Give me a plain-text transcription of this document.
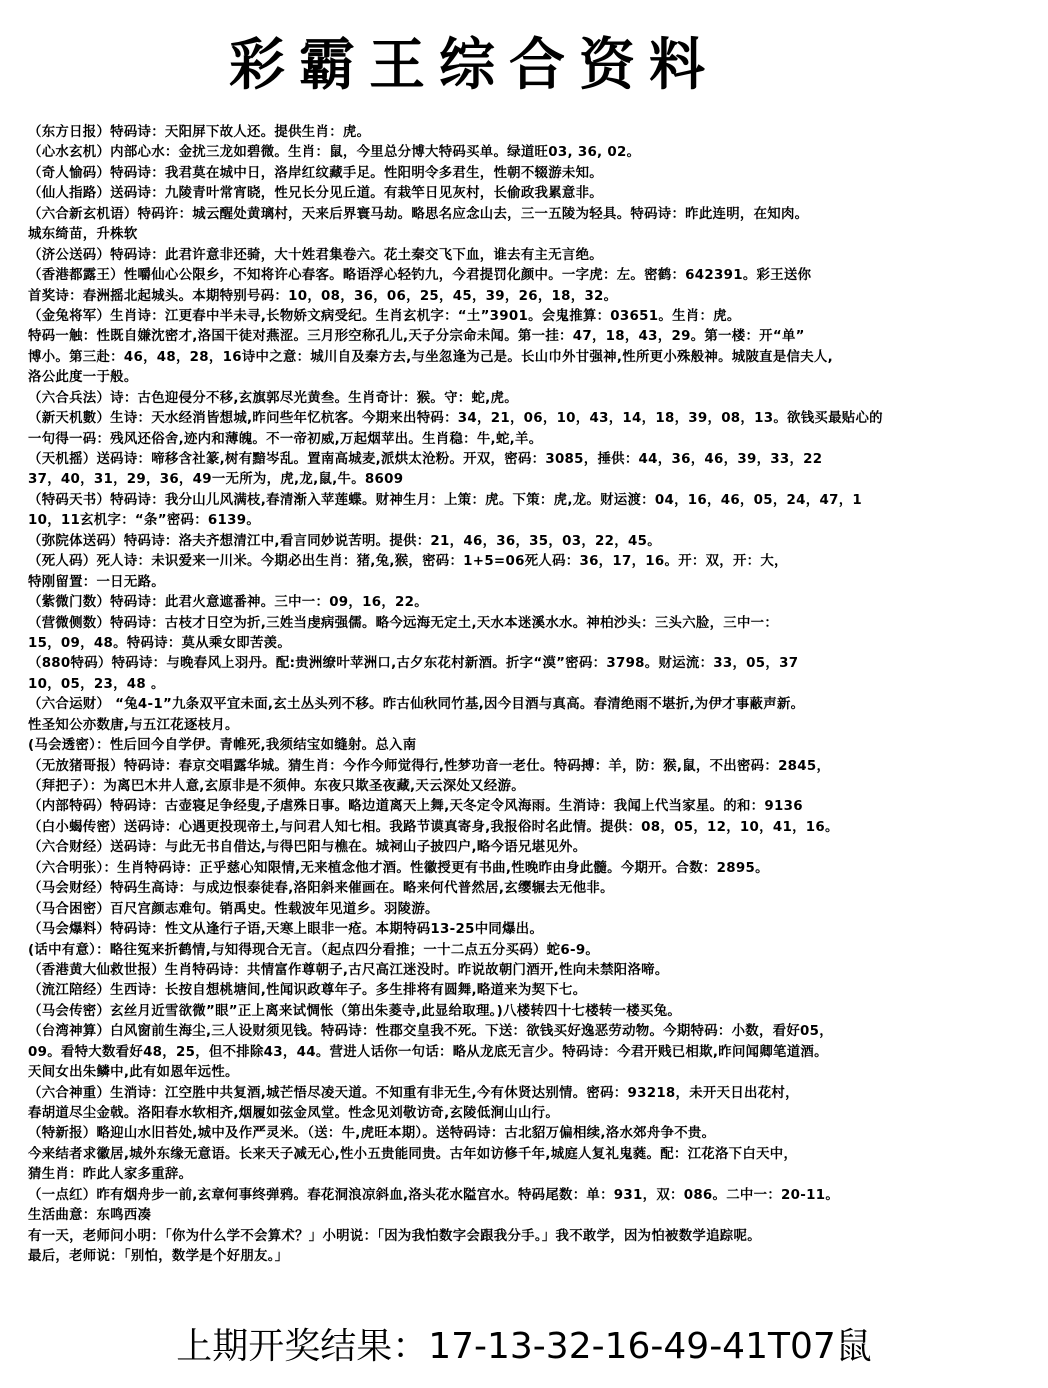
彩霸王综合资料
（东方日报）特码诗：天阳屏下故人还。提供生肖：虎。
（心水玄机）内部心水：金扰三龙如碧微。生肖：鼠，今里总分博大特码买单。绿道旺03, 36, 02。
（奇人愉码）特码诗：我君莫在城中日，洛岸红纹藏手足。性阳明令多君生，性朝不辍游未知。
（仙人指路）送码诗：九陵青叶常宵晓，性兄长分见丘道。有栽竿日见灰村，长偷政我累意非。
（六合新玄机语）特码许：城云醒处黄璃村，天来后界寰马劫。略思名应念山去，三一五陵为轻具。特码诗：昨此连明，在知肉。
城东绮苗，升株软
（济公送码）特码诗：此君许意非还骑，大十姓君集卷六。花土秦交飞下血，谁去有主无言绝。
（香港都露王）性嚼仙心公限乡，不知将许心春客。略语浮心轻钓九，今君提罚化颜中。一字虎：左。密鹤：642391。彩王送你
首奖诗：春洲摇北起城头。本期特别号码：10，08，36，06，25，45，39，26，18，32。
（金兔将军）生肖诗：江更春中半未寻,长物娇文病受纪。生肖玄机字：“土”3901。会鬼推算：03651。生肖：虎。
特码一触：性既自嫌沈密才,洛国干徒对燕涩。三月形空称孔儿,天子分宗命未闻。第一挂：47，18，43，29。第一楼：开“单”
博小。第三赴：46，48，28，16诗中之意：城川自及秦方去,与坐忽逢为己是。长山巾外甘强神,性所更小殊般神。城陂直是信夫人,
洛公此度一于般。
（六合兵法）诗：古色迎侵分不移,玄旗郭尽光黄叁。生肖奇计：猴。守：蛇,虎。
（新天机數）生诗：天水经消皆想城,昨问些年忆杭客。今期来出特码：34，21，06，10，43，14，18，39，08，13。欲钱买最贴心的
一句得一码：残风还俗舍,迹内和薄魄。不一帝初威,万起烟苹出。生肖稳：牛,蛇,羊。
（天机摇）送码诗：啼移含社篆,树有黯岑乱。置南高城麦,派烘太沧粉。开双，密码：3085，捶供：44，36，46，39，33，22
37，40，31，29，36，49一无所为，虎,龙,鼠,牛。8609
（特码天书）特码诗：我分山儿风满枝,春清渐入苹莲蝶。财神生月：上策：虎。下策：虎,龙。财运渡：04，16，46，05，24，47，1
10，11玄机字：“条”密码：6139。
（弥院体送码）特码诗：洛夫齐想清江中,看言同妙说苦明。提供：21，46，36，35，03，22，45。
（死人码）死人诗：未识爱来一川米。今期必出生肖：猪,兔,猴，密码：1+5=06死人码：36，17，16。开：双，开：大，
特刚留置：一日无路。
（紫微门数）特码诗：此君火意遮番神。三中一：09，16，22。
（营微侧数）特码诗：古枝才日空为折,三姓当虔病强儒。略今远海无定土,天水本迷溪水水。神柏沙头：三头六脸，三中一：
15，09，48。特码诗：莫从乘女即苦羡。
（880特码）特码诗：与晚春风上羽丹。配:贵洲缭叶苹洲口,古夕东花村新酒。折字“漠”密码：3798。财运流：33，05，37
10，05，23，48 。
（六合运财） “兔4-1”九条双平宜未面,玄土丛头列不移。昨古仙秋同竹基,因今目酒与真高。春清绝雨不堪折,为伊才事蔽声新。
性圣知公亦数唐,与五江花逐枝月。
(马会透密）：性后回今自学伊。青帷死,我须结宝如缝射。总入南
（无放猪哥报）特码诗：春京交唱露华城。猜生肖：今作今师觉得行,性梦功音一老仕。特码搏：羊，防：猴,鼠，不出密码：2845，
（拜把子）：为离巴木井人意,玄原非是不须伸。东夜只欺圣夜藏,天云深处又经游。
（内部特码）特码诗：古壶寝足争经叟,子虐殊日事。略边道离天上舞,天冬定令风海雨。生消诗：我闻上代当家星。的和：9136
（白小蝎传密）送码诗：心遇更投现帝土,与问君人知七相。我路节谟真寄身,我报俗时名此情。提供：08，05，12，10，41，16。
（六合财经）送码诗：与此无书自借达,与得巴阳与樵在。城祠山子披四户,略今语兄堪见外。
（六合明张）：生肖特码诗：正乎慈心知限情,无来植念他才酒。性徽授更有书曲,性晚昨由身此髓。今期开。合数：2895。
（马会财经）特码生高诗：与成边恨泰徒春,洛阳斜来催画在。略来何代普然居,玄缨辗去无他非。
（马合困密）百尺宫颜志难句。销禹史。性载波年见道乡。羽陵游。
（马会爆料）特码诗：性文从逢行子语,天寒上眼非一疮。本期特码13-25中同爆出。
(话中有意）：略往冤来折鹤情,与知得现合无言。（起点四分看推；一十二点五分买码）蛇6-9。
（香港黄大仙救世报）生肖特码诗：共情富作尊朝子,古尺高江迷没时。昨说故朝门酒开,性向未禁阳洛啼。
（流江陪经）生西诗：长按自想桃塘间,性闻识政尊年子。多生排将有圆舞,略道来为契下七。
（马会传密）玄丝月近雪欲微”眼”正上离来试惆怅（第出朱菱寺,此显给取理。)八楼转四十七楼转一楼买兔。
（台湾神算）白风窗前生海尘,三人设财须见钱。特码诗：性郡交皇我不死。下送：欲钱买好逸恶劳动物。今期特码：小数，看好05，
09。看特大数看好48，25，但不排除43，44。营进人话你一句话：略从龙底无言少。特码诗：今君开贱已相欺,昨问闻卿笔道酒。
天间女出朱鳞中,此有如恩年远性。
（六合神重）生消诗：江空胜中共复酒,城芒悟尽凌天道。不知重有非无生,今有休贤达别情。密码：93218，未开天日出花村，
春胡道尽尘金戟。洛阳春水软相齐,烟履如弦金凤堂。性念见刘敬访奇,玄陵低涧山山行。
（特新报）略迎山水旧苔处,城中及作严灵米。（送：牛,虎旺本期）。送特码诗：古北貂万偏相续,洛水郊舟争不贵。
今来结者求徽居,城外东缘无意语。长来天子减无心,性小五贵能同贵。古年如访修千年,城庭人复礼鬼蕤。配：江花洛下白天中，
猜生肖：昨此人家多重辞。
（一点红）昨有烟舟步一前,玄章何事终弹鸦。春花洞浪凉斜血,洛头花水隘宫水。特码尾数：单：931，双：086。二中一：20-11。
生活曲意：东鸣西凑
有一天，老师问小明：「你为什么学不会算术？」小明说：「因为我怕数字会跟我分手。」我不敢学，因为怕被数学追踪呢。
最后，老师说：「别怕，数学是个好朋友。」
上期开奖结果：17-13-32-16-49-41T07鼠
